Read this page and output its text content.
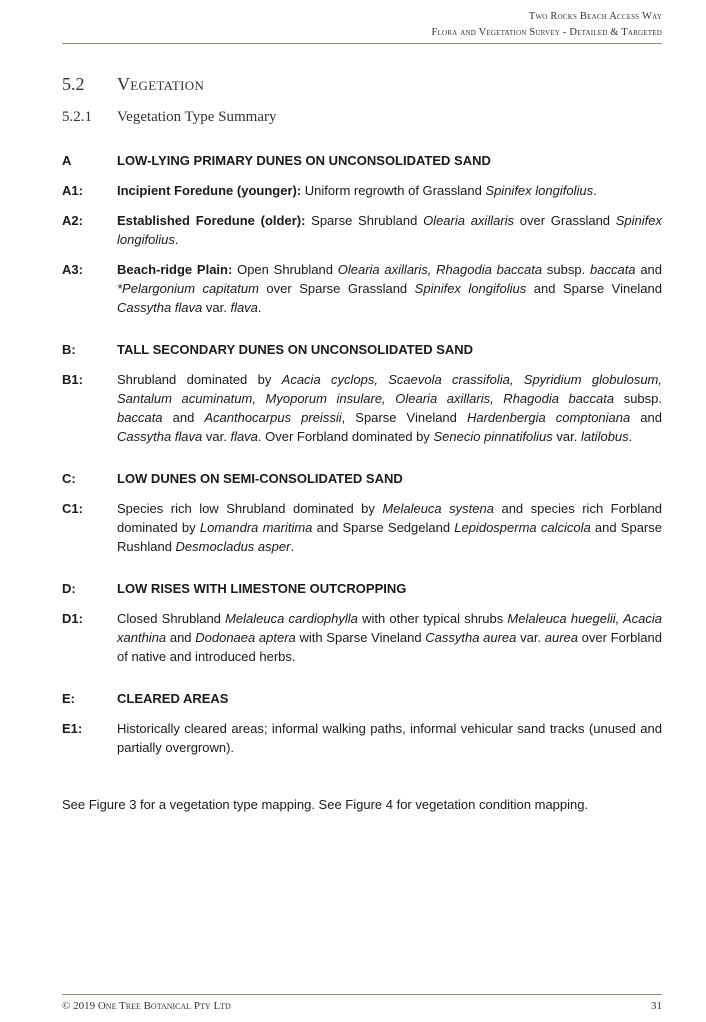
Two Rocks Beach Access Way
Flora and Vegetation Survey - Detailed & Targeted
5.2 Vegetation
5.2.1 Vegetation Type Summary
A	LOW-LYING PRIMARY DUNES ON UNCONSOLIDATED SAND
A1:	Incipient Foredune (younger): Uniform regrowth of Grassland Spinifex longifolius.
A2:	Established Foredune (older): Sparse Shrubland Olearia axillaris over Grassland Spinifex longifolius.
A3:	Beach-ridge Plain: Open Shrubland Olearia axillaris, Rhagodia baccata subsp. baccata and *Pelargonium capitatum over Sparse Grassland Spinifex longifolius and Sparse Vineland Cassytha flava var. flava.
B:	TALL SECONDARY DUNES ON UNCONSOLIDATED SAND
B1:	Shrubland dominated by Acacia cyclops, Scaevola crassifolia, Spyridium globulosum, Santalum acuminatum, Myoporum insulare, Olearia axillaris, Rhagodia baccata subsp. baccata and Acanthocarpus preissii, Sparse Vineland Hardenbergia comptoniana and Cassytha flava var. flava. Over Forbland dominated by Senecio pinnatifolius var. latilobus.
C:	LOW DUNES ON SEMI-CONSOLIDATED SAND
C1:	Species rich low Shrubland dominated by Melaleuca systena and species rich Forbland dominated by Lomandra maritima and Sparse Sedgeland Lepidosperma calcicola and Sparse Rushland Desmocladus asper.
D:	LOW RISES WITH LIMESTONE OUTCROPPING
D1:	Closed Shrubland Melaleuca cardiophylla with other typical shrubs Melaleuca huegelii, Acacia xanthina and Dodonaea aptera with Sparse Vineland Cassytha aurea var. aurea over Forbland of native and introduced herbs.
E:	CLEARED AREAS
E1:	Historically cleared areas; informal walking paths, informal vehicular sand tracks (unused and partially overgrown).
See Figure 3 for a vegetation type mapping. See Figure 4 for vegetation condition mapping.
© 2019 One Tree Botanical Pty Ltd	31
